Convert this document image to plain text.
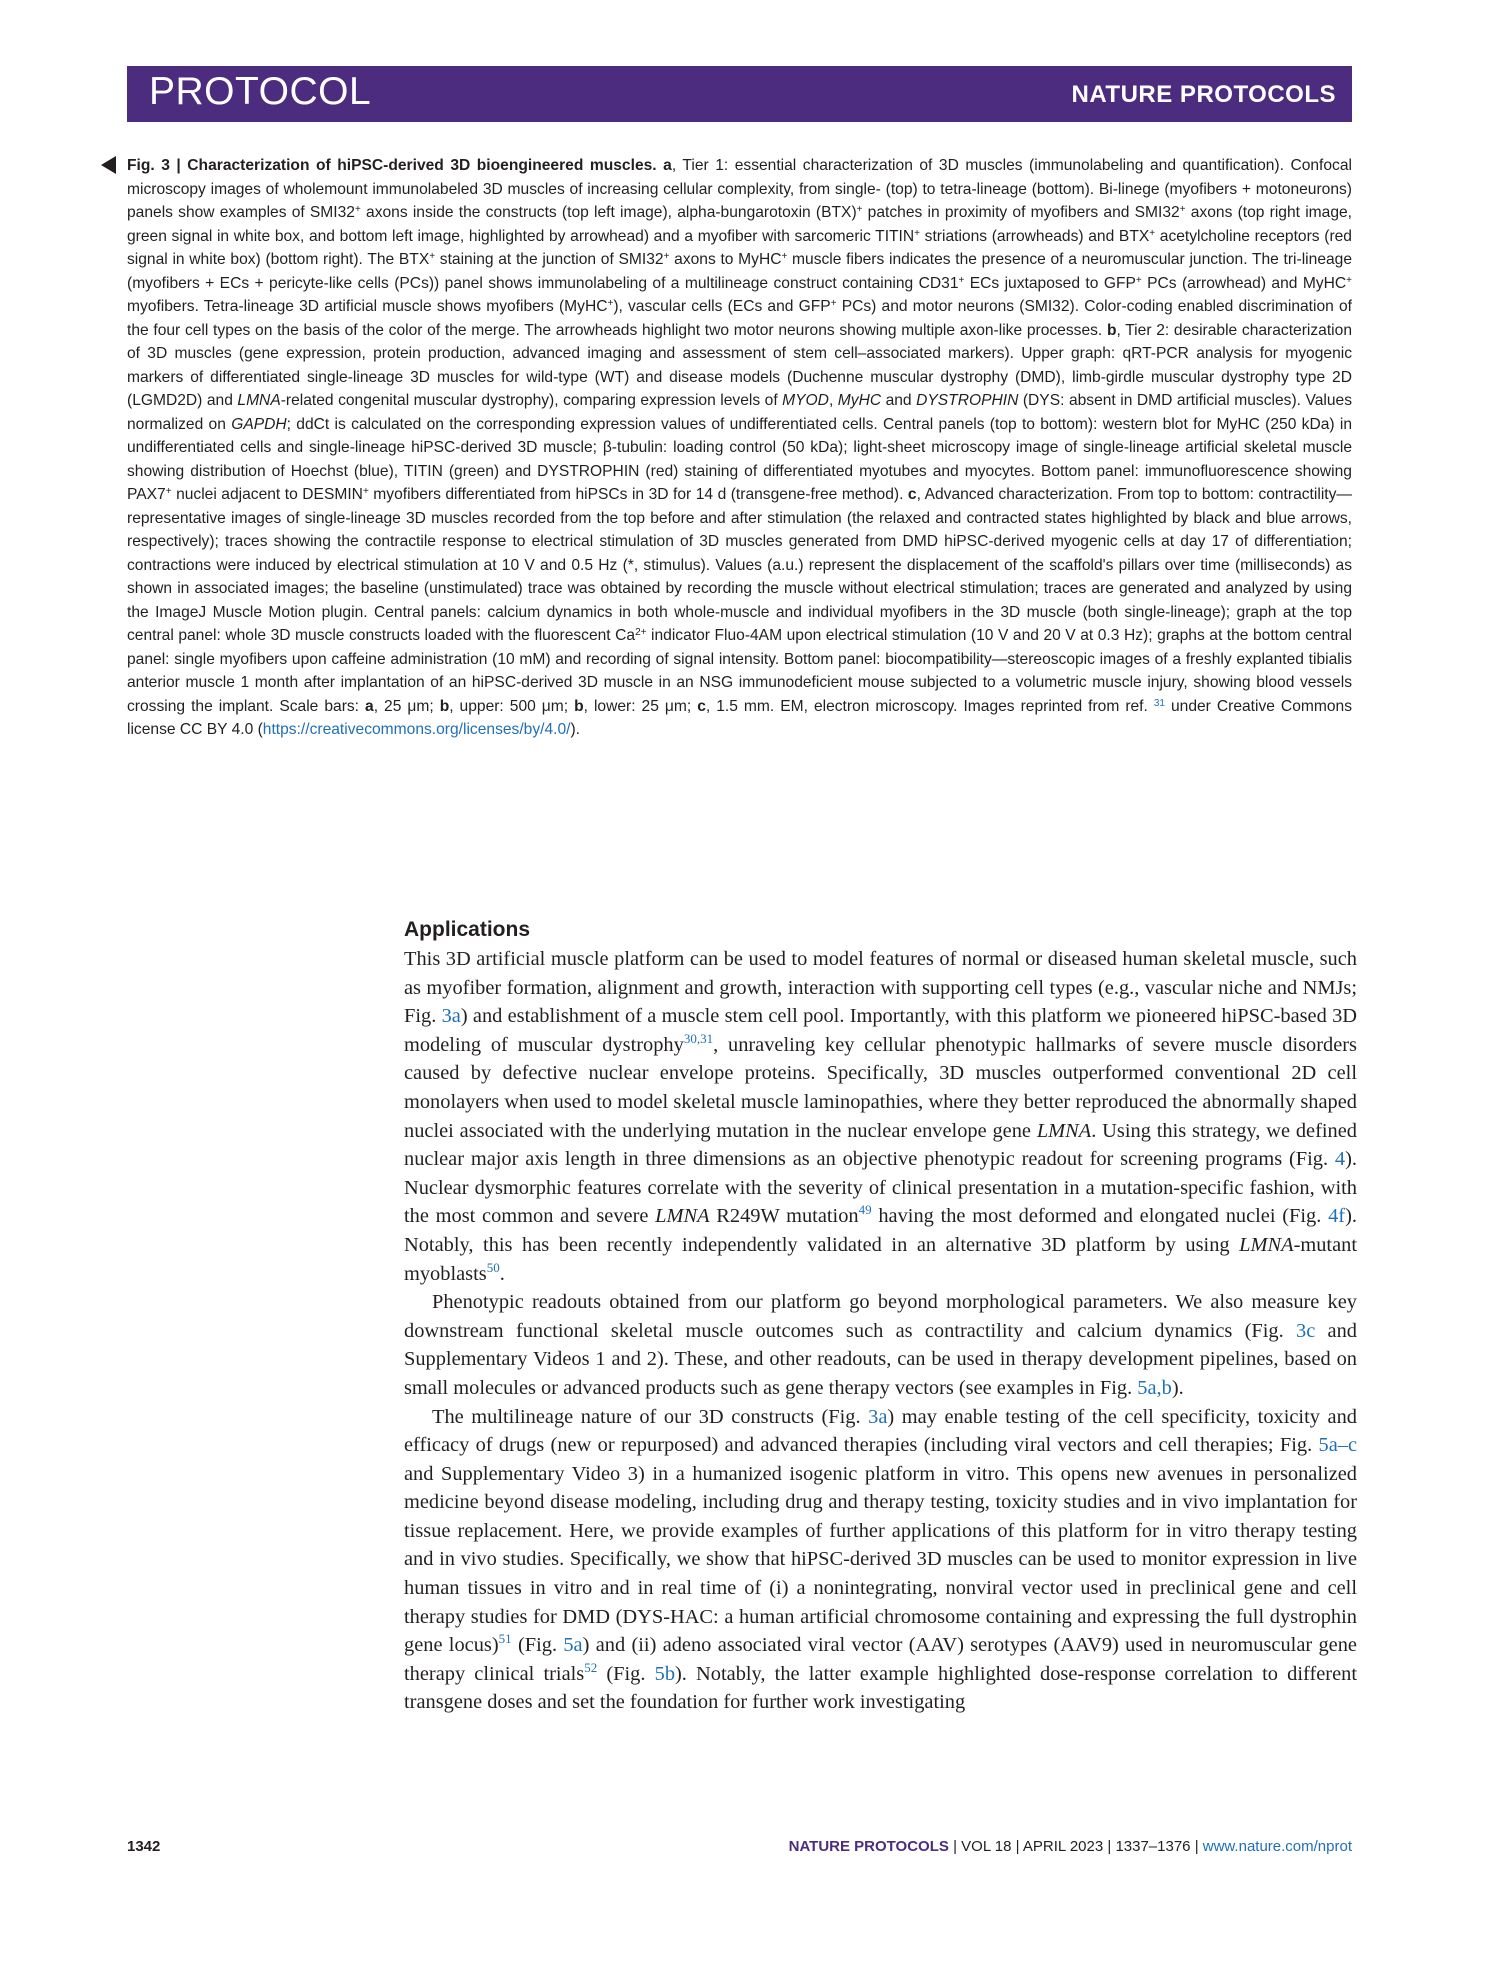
PROTOCOL	NATURE PROTOCOLS
Fig. 3 | Characterization of hiPSC-derived 3D bioengineered muscles. a, Tier 1: essential characterization of 3D muscles (immunolabeling and quantification). Confocal microscopy images of wholemount immunolabeled 3D muscles of increasing cellular complexity, from single- (top) to tetra-lineage (bottom). Bi-linege (myofibers + motoneurons) panels show examples of SMI32+ axons inside the constructs (top left image), alpha-bungarotoxin (BTX)+ patches in proximity of myofibers and SMI32+ axons (top right image, green signal in white box, and bottom left image, highlighted by arrowhead) and a myofiber with sarcomeric TITIN+ striations (arrowheads) and BTX+ acetylcholine receptors (red signal in white box) (bottom right). The BTX+ staining at the junction of SMI32+ axons to MyHC+ muscle fibers indicates the presence of a neuromuscular junction. The tri-lineage (myofibers + ECs + pericyte-like cells (PCs)) panel shows immunolabeling of a multilineage construct containing CD31+ ECs juxtaposed to GFP+ PCs (arrowhead) and MyHC+ myofibers. Tetra-lineage 3D artificial muscle shows myofibers (MyHC+), vascular cells (ECs and GFP+ PCs) and motor neurons (SMI32). Color-coding enabled discrimination of the four cell types on the basis of the color of the merge. The arrowheads highlight two motor neurons showing multiple axon-like processes. b, Tier 2: desirable characterization of 3D muscles (gene expression, protein production, advanced imaging and assessment of stem cell–associated markers). Upper graph: qRT-PCR analysis for myogenic markers of differentiated single-lineage 3D muscles for wild-type (WT) and disease models (Duchenne muscular dystrophy (DMD), limb-girdle muscular dystrophy type 2D (LGMD2D) and LMNA-related congenital muscular dystrophy), comparing expression levels of MYOD, MyHC and DYSTROPHIN (DYS: absent in DMD artificial muscles). Values normalized on GAPDH; ddCt is calculated on the corresponding expression values of undifferentiated cells. Central panels (top to bottom): western blot for MyHC (250 kDa) in undifferentiated cells and single-lineage hiPSC-derived 3D muscle; β-tubulin: loading control (50 kDa); light-sheet microscopy image of single-lineage artificial skeletal muscle showing distribution of Hoechst (blue), TITIN (green) and DYSTROPHIN (red) staining of differentiated myotubes and myocytes. Bottom panel: immunofluorescence showing PAX7+ nuclei adjacent to DESMIN+ myofibers differentiated from hiPSCs in 3D for 14 d (transgene-free method). c, Advanced characterization. From top to bottom: contractility—representative images of single-lineage 3D muscles recorded from the top before and after stimulation (the relaxed and contracted states highlighted by black and blue arrows, respectively); traces showing the contractile response to electrical stimulation of 3D muscles generated from DMD hiPSC-derived myogenic cells at day 17 of differentiation; contractions were induced by electrical stimulation at 10 V and 0.5 Hz (*, stimulus). Values (a.u.) represent the displacement of the scaffold's pillars over time (milliseconds) as shown in associated images; the baseline (unstimulated) trace was obtained by recording the muscle without electrical stimulation; traces are generated and analyzed by using the ImageJ Muscle Motion plugin. Central panels: calcium dynamics in both whole-muscle and individual myofibers in the 3D muscle (both single-lineage); graph at the top central panel: whole 3D muscle constructs loaded with the fluorescent $Ca^{2+}$ indicator Fluo-4AM upon electrical stimulation (10 V and 20 V at 0.3 Hz); graphs at the bottom central panel: single myofibers upon caffeine administration (10 mM) and recording of signal intensity. Bottom panel: biocompatibility—stereoscopic images of a freshly explanted tibialis anterior muscle 1 month after implantation of an hiPSC-derived 3D muscle in an NSG immunodeficient mouse subjected to a volumetric muscle injury, showing blood vessels crossing the implant. Scale bars: a, 25 μm; b, upper: 500 μm; b, lower: 25 μm; c, 1.5 mm. EM, electron microscopy. Images reprinted from ref. $^{31}$ under Creative Commons license CC BY 4.0 (https://creativecommons.org/licenses/by/4.0/).
Applications

This 3D artificial muscle platform can be used to model features of normal or diseased human skeletal muscle, such as myofiber formation, alignment and growth, interaction with supporting cell types (e.g., vascular niche and NMJs; Fig. 3a) and establishment of a muscle stem cell pool. Importantly, with this platform we pioneered hiPSC-based 3D modeling of muscular dystrophy$^{30,31}$, unraveling key cellular phenotypic hallmarks of severe muscle disorders caused by defective nuclear envelope proteins. Specifically, 3D muscles outperformed conventional 2D cell monolayers when used to model skeletal muscle laminopathies, where they better reproduced the abnormally shaped nuclei associated with the underlying mutation in the nuclear envelope gene LMNA. Using this strategy, we defined nuclear major axis length in three dimensions as an objective phenotypic readout for screening programs (Fig. 4). Nuclear dysmorphic features correlate with the severity of clinical presentation in a mutation-specific fashion, with the most common and severe LMNA R249W mutation$^{49}$ having the most deformed and elongated nuclei (Fig. 4f). Notably, this has been recently independently validated in an alternative 3D platform by using LMNA-mutant myoblasts$^{50}$.

Phenotypic readouts obtained from our platform go beyond morphological parameters. We also measure key downstream functional skeletal muscle outcomes such as contractility and calcium dynamics (Fig. 3c and Supplementary Videos 1 and 2). These, and other readouts, can be used in therapy development pipelines, based on small molecules or advanced products such as gene therapy vectors (see examples in Fig. 5a,b).

The multilineage nature of our 3D constructs (Fig. 3a) may enable testing of the cell specificity, toxicity and efficacy of drugs (new or repurposed) and advanced therapies (including viral vectors and cell therapies; Fig. 5a–c and Supplementary Video 3) in a humanized isogenic platform in vitro. This opens new avenues in personalized medicine beyond disease modeling, including drug and therapy testing, toxicity studies and in vivo implantation for tissue replacement. Here, we provide examples of further applications of this platform for in vitro therapy testing and in vivo studies. Specifically, we show that hiPSC-derived 3D muscles can be used to monitor expression in live human tissues in vitro and in real time of (i) a nonintegrating, nonviral vector used in preclinical gene and cell therapy studies for DMD (DYS-HAC: a human artificial chromosome containing and expressing the full dystrophin gene locus)$^{51}$ (Fig. 5a) and (ii) adeno associated viral vector (AAV) serotypes (AAV9) used in neuromuscular gene therapy clinical trials$^{52}$ (Fig. 5b). Notably, the latter example highlighted dose-response correlation to different transgene doses and set the foundation for further work investigating

1342	NATURE PROTOCOLS | VOL 18 | APRIL 2023 | 1337–1376 | www.nature.com/nprot
